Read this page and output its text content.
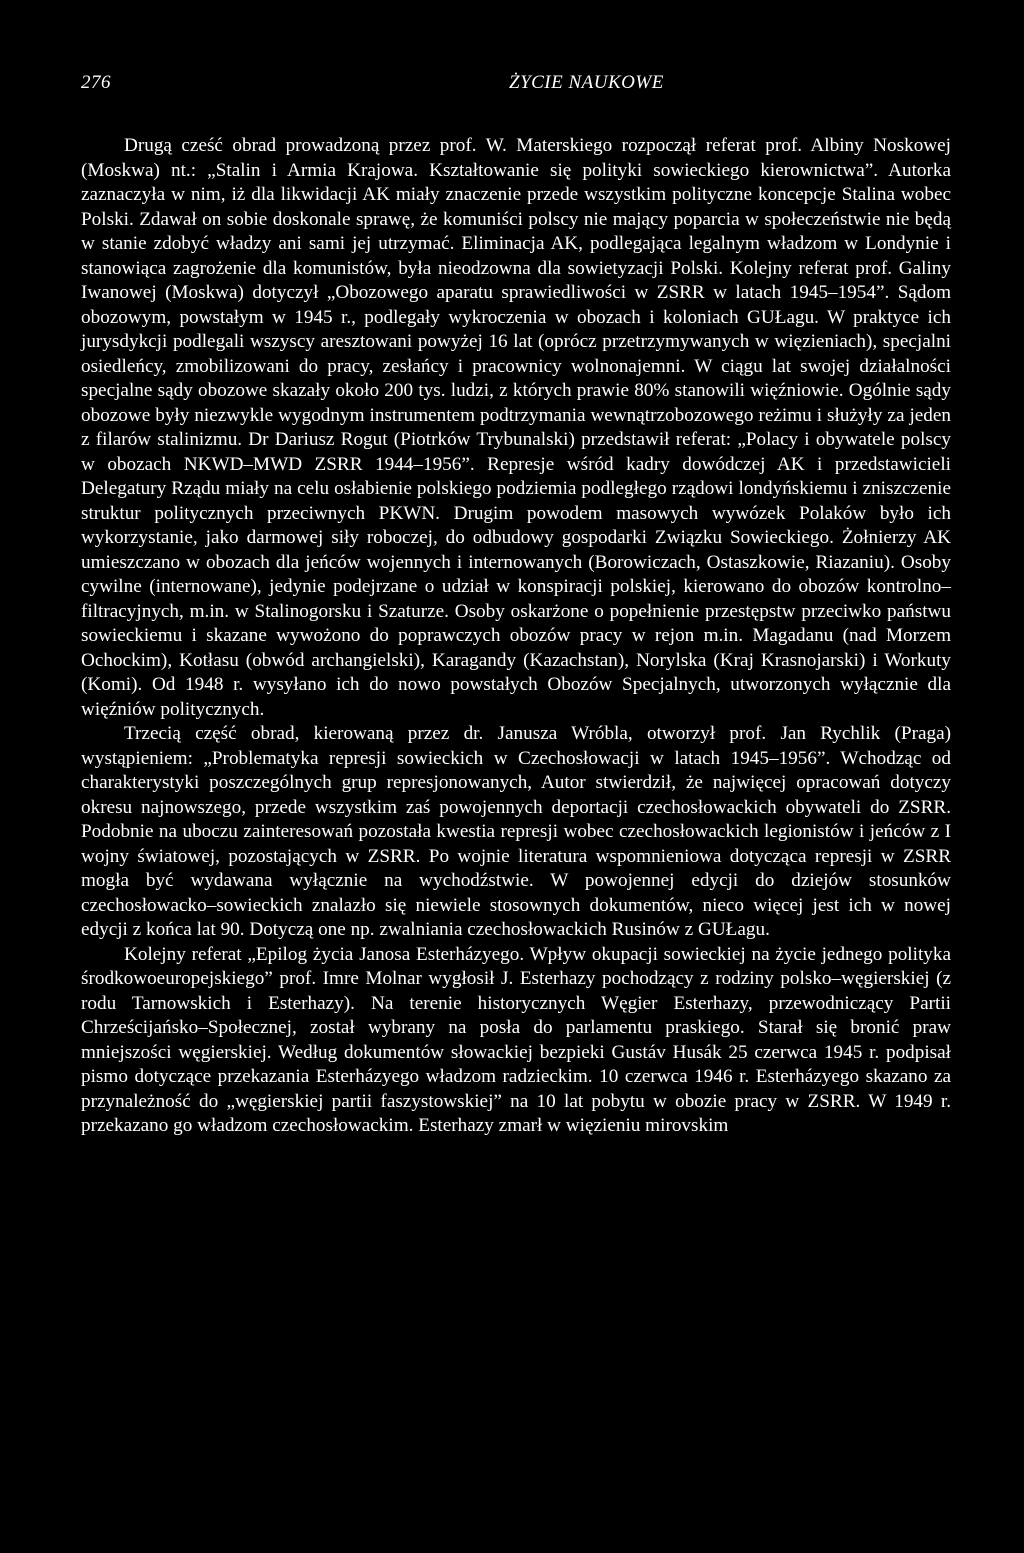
276	ŻYCIE NAUKOWE

Drugą cześć obrad prowadzoną przez prof. W. Materskiego rozpoczął referat prof. Albiny Noskowej (Moskwa) nt.: „Stalin i Armia Krajowa. Kształtowanie się polityki sowieckiego kierownictwa”. Autorka zaznaczyła w nim, iż dla likwidacji AK miały znaczenie przede wszystkim polityczne koncepcje Stalina wobec Polski. Zdawał on sobie doskonale sprawę, że komuniści polscy nie mający poparcia w społeczeństwie nie będą w stanie zdobyć władzy ani sami jej utrzymać. Eliminacja AK, podlegająca legalnym władzom w Londynie i stanowiąca zagrożenie dla komunistów, była nieodzowna dla sowietyzacji Polski. Kolejny referat prof. Galiny Iwanowej (Moskwa) dotyczył „Obozowego aparatu sprawiedliwości w ZSRR w latach 1945–1954”. Sądom obozowym, powstałym w 1945 r., podlegały wykroczenia w obozach i koloniach GUŁagu. W praktyce ich jurysdykcji podlegali wszyscy aresztowani powyżej 16 lat (oprócz przetrzymywanych w więzieniach), specjalni osiedleńcy, zmobilizowani do pracy, zesłańcy i pracownicy wolnonajemni. W ciągu lat swojej działalności specjalne sądy obozowe skazały około 200 tys. ludzi, z których prawie 80% stanowili więźniowie. Ogólnie sądy obozowe były niezwykle wygodnym instrumentem podtrzymania wewnątrzobozowego reżimu i służyły za jeden z filarów stalinizmu. Dr Dariusz Rogut (Piotrków Trybunalski) przedstawił referat: „Polacy i obywatele polscy w obozach NKWD–MWD ZSRR 1944–1956”. Represje wśród kadry dowódczej AK i przedstawicieli Delegatury Rządu miały na celu osłabienie polskiego podziemia podległego rządowi londyńskiemu i zniszczenie struktur politycznych przeciwnych PKWN. Drugim powodem masowych wywózek Polaków było ich wykorzystanie, jako darmowej siły roboczej, do odbudowy gospodarki Związku Sowieckiego. Żołnierzy AK umieszczano w obozach dla jeńców wojennych i internowanych (Borowiczach, Ostaszkowie, Riazaniu). Osoby cywilne (internowane), jedynie podejrzane o udział w konspiracji polskiej, kierowano do obozów kontrolno–filtracyjnych, m.in. w Stalinogorsku i Szaturze. Osoby oskarżone o popełnienie przestępstw przeciwko państwu sowieckiemu i skazane wywożono do poprawczych obozów pracy w rejon m.in. Magadanu (nad Morzem Ochockim), Kotłasu (obwód archangielski), Karagandy (Kazachstan), Norylska (Kraj Krasnojarski) i Workuty (Komi). Od 1948 r. wysyłano ich do nowo powstałych Obozów Specjalnych, utworzonych wyłącznie dla więźniów politycznych.

Trzecią część obrad, kierowaną przez dr. Janusza Wróbla, otworzył prof. Jan Rychlik (Praga) wystąpieniem: „Problematyka represji sowieckich w Czechosłowacji w latach 1945–1956”. Wchodząc od charakterystyki poszczególnych grup represjonowanych, Autor stwierdził, że najwięcej opracowań dotyczy okresu najnowszego, przede wszystkim zaś powojennych deportacji czechosłowackich obywateli do ZSRR. Podobnie na uboczu zainteresowań pozostała kwestia represji wobec czechosłowackich legionistów i jeńców z I wojny światowej, pozostających w ZSRR. Po wojnie literatura wspomnieniowa dotycząca represji w ZSRR mogła być wydawana wyłącznie na wychodźstwie. W powojennej edycji do dziejów stosunków czechosłowacko–sowieckich znalazło się niewiele stosownych dokumentów, nieco więcej jest ich w nowej edycji z końca lat 90. Dotyczą one np. zwalniania czechosłowackich Rusinów z GUŁagu.

Kolejny referat „Epilog życia Janosa Esterházyego. Wpływ okupacji sowieckiej na życie jednego polityka środkowoeuropejskiego” prof. Imre Molnar wygłosił J. Esterhazy pochodzący z rodziny polsko–węgierskiej (z rodu Tarnowskich i Esterhazy). Na terenie historycznych Węgier Esterhazy, przewodniczący Partii Chrześcijańsko–Społecznej, został wybrany na posła do parlamentu praskiego. Starał się bronić praw mniejszości węgierskiej. Według dokumentów słowackiej bezpieki Gustáv Husák 25 czerwca 1945 r. podpisał pismo dotyczące przekazania Esterházyego władzom radzieckim. 10 czerwca 1946 r. Esterházyego skazano za przynależność do „węgierskiej partii faszystowskiej” na 10 lat pobytu w obozie pracy w ZSRR. W 1949 r. przekazano go władzom czechosłowackim. Esterhazy zmarł w więzieniu mirovskim
